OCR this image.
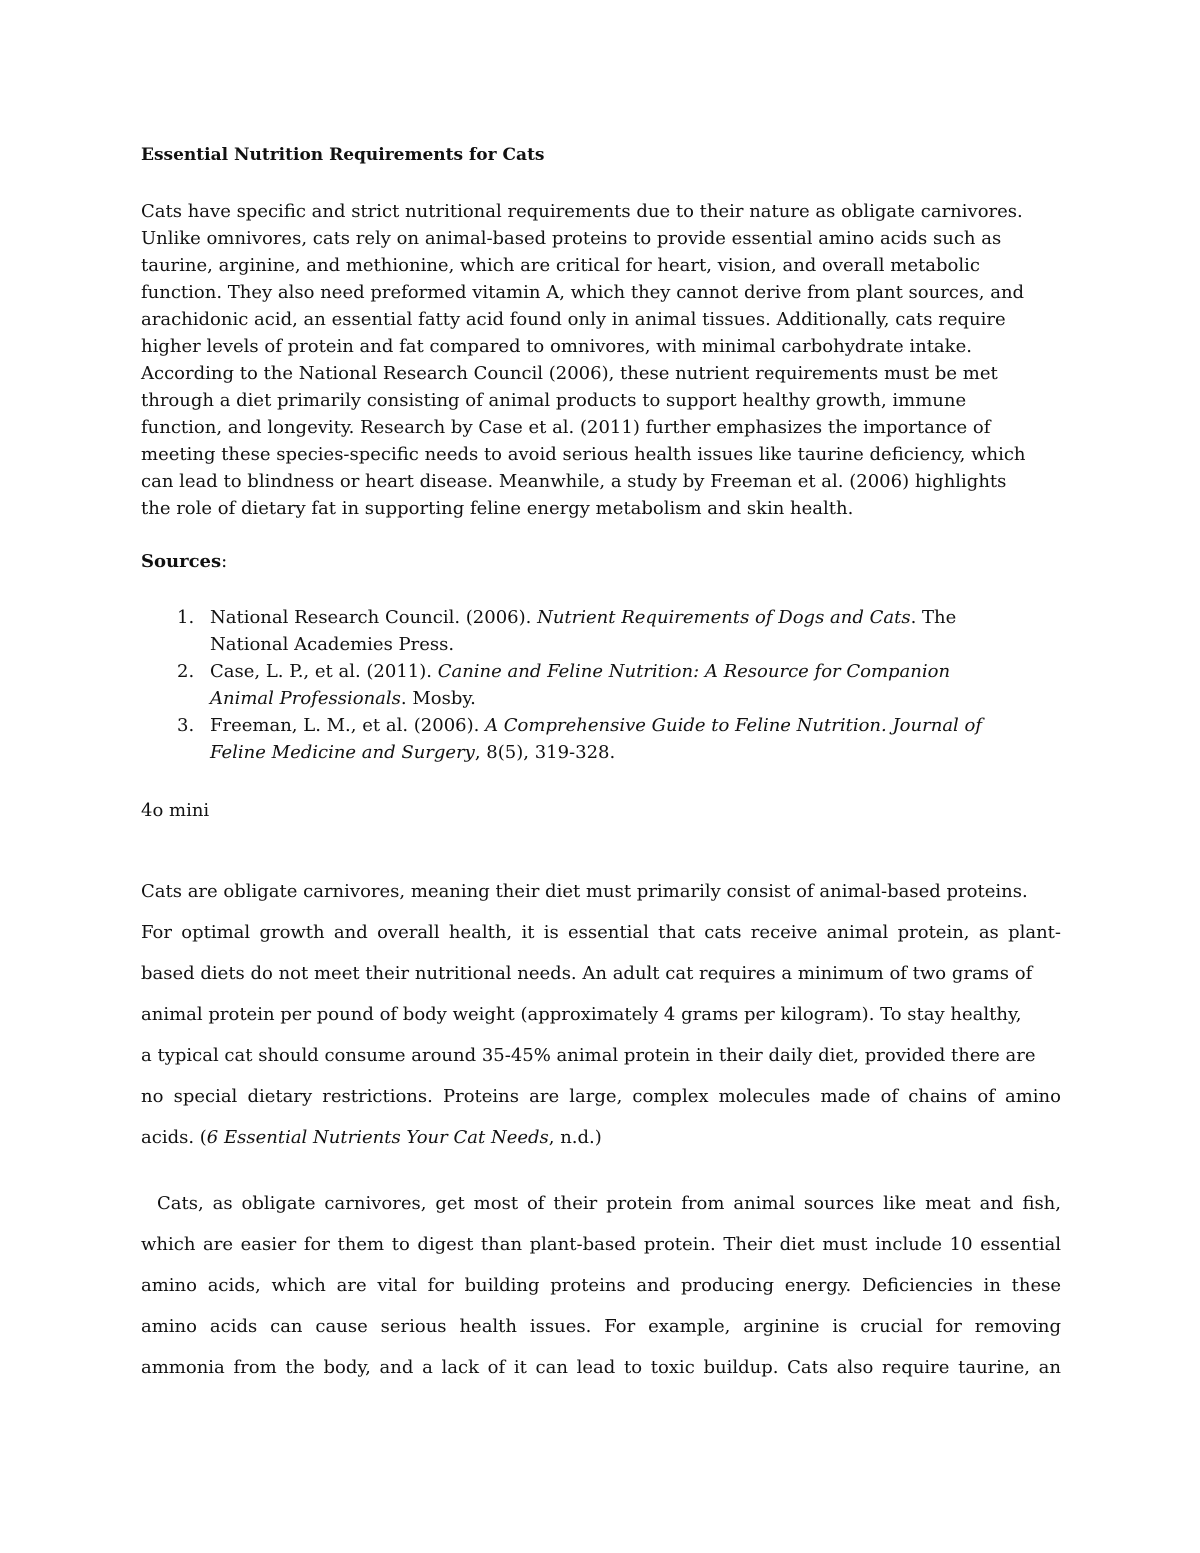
Essential Nutrition Requirements for Cats

Cats have specific and strict nutritional requirements due to their nature as obligate carnivores.
Unlike omnivores, cats rely on animal-based proteins to provide essential amino acids such as
taurine, arginine, and methionine, which are critical for heart, vision, and overall metabolic
function. They also need preformed vitamin A, which they cannot derive from plant sources, and
arachidonic acid, an essential fatty acid found only in animal tissues. Additionally, cats require
higher levels of protein and fat compared to omnivores, with minimal carbohydrate intake.
According to the National Research Council (2006), these nutrient requirements must be met
through a diet primarily consisting of animal products to support healthy growth, immune
function, and longevity. Research by Case et al. (2011) further emphasizes the importance of
meeting these species-specific needs to avoid serious health issues like taurine deficiency, which
can lead to blindness or heart disease. Meanwhile, a study by Freeman et al. (2006) highlights
the role of dietary fat in supporting feline energy metabolism and skin health.

Sources:
1. National Research Council. (2006). Nutrient Requirements of Dogs and Cats. The
National Academies Press.
2. Case, L. P., et al. (2011). Canine and Feline Nutrition: A Resource for Companion
Animal Professionals. Mosby.
3. Freeman, L. M., et al. (2006). A Comprehensive Guide to Feline Nutrition. Journal of
Feline Medicine and Surgery, 8(5), 319-328.
4o mini

Cats are obligate carnivores, meaning their diet must primarily consist of animal-based proteins.
For optimal growth and overall health, it is essential that cats receive animal protein, as plant-
based diets do not meet their nutritional needs. An adult cat requires a minimum of two grams of
animal protein per pound of body weight (approximately 4 grams per kilogram). To stay healthy,
a typical cat should consume around 35-45% animal protein in their daily diet, provided there are
no special dietary restrictions. Proteins are large, complex molecules made of chains of amino
acids. (6 Essential Nutrients Your Cat Needs, n.d.)

Cats, as obligate carnivores, get most of their protein from animal sources like meat and fish,
which are easier for them to digest than plant-based protein. Their diet must include 10 essential
amino acids, which are vital for building proteins and producing energy. Deficiencies in these
amino acids can cause serious health issues. For example, arginine is crucial for removing
ammonia from the body, and a lack of it can lead to toxic buildup. Cats also require taurine, an
